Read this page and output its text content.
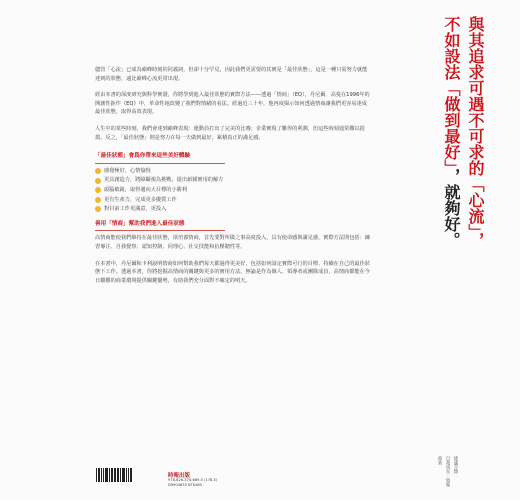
與其追求可遇不可求的「心流」，
不如設法「做到最好」，就夠好。

儘管「心流」已成為巔峰時刻的同義詞，但卻十分罕見，因此我們更需要的其實是「最佳狀態」，這是一種只需努力就能達到的狀態，遠比巔峰心流更常出現。

經由本書的深度研究與科學實證，你將學到進入最佳狀態的實際方法——透過「情商」（EQ），丹尼爾．高曼在1996年的開創性鉅作《EQ》中，革命性地改變了我們對情緒的看法。經過近三十年，他再度揭示如何透過情商讓我們更容易達成最佳狀態，取得高效表現。

人生中的某些時刻，我們會達到巔峰表現：運動員打出了完美的比賽；企業實現了難得的利潤，但這些時刻通常難以捉摸。反之，「最佳狀態」則是努力在每一天做到最好，累積真正的滿足感。

「最佳狀態」會爲你帶來這些美好體驗
感覺極好，心情愉悅
更具創造力，將障礙視為挑戰，提出新穎實用的解方
頭腦敏銳，取得邁向大目標的小勝利
更有生產力，完成更多優質工作
對目前工作更滿意，更投入
善用「情商」幫助我們進入最佳狀態

高情商能使我們維持在最佳狀態，欲培養情商，首先要對所做之事高度投入，具有使命感與滿足感，實際方法則包括：練習專注、自我覺察、認知控制、同理心、社交技能和抗壓韌性等。

在本書中，丹尼爾和卡利說明情商如何幫助我們每天都過得更美好，包括如何設定實際可行的目標、持續在自己的最佳狀態下工作。透過本書，你將挖掘高情商的關鍵與更多的實用方法。無論是作為個人、領導者或團隊成員，高情商都能在今日艱難的商業環境提供關鍵優勢，有助我們充分面對不確定的明天。

時報出版
978-626-374-669-5 (178.5)
D9904633 NT$480
建議分類：
自我成長・領導
商業
